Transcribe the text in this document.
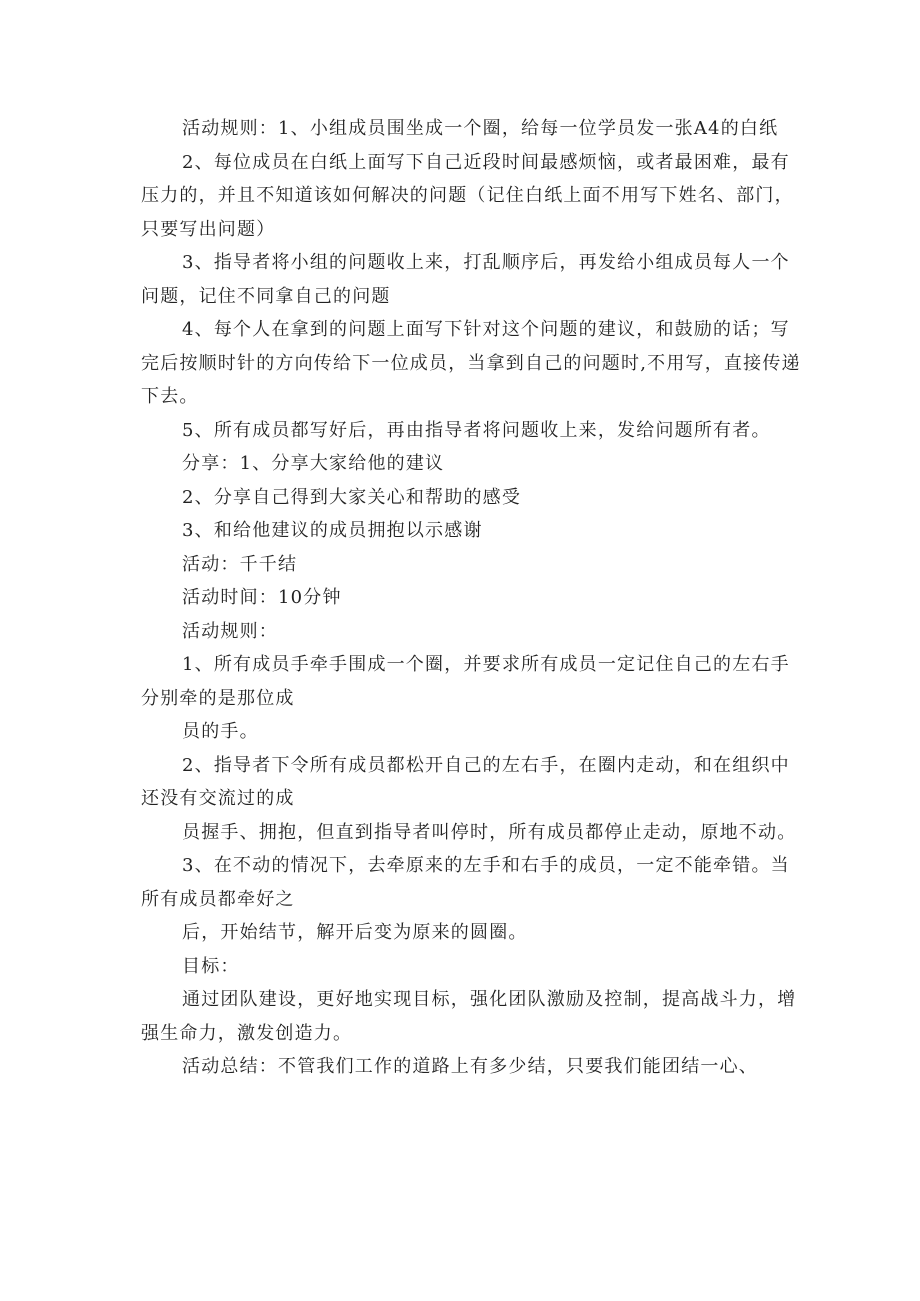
活动规则：1、小组成员围坐成一个圈，给每一位学员发一张A4的白纸

2、每位成员在白纸上面写下自己近段时间最感烦恼，或者最困难，最有压力的，并且不知道该如何解决的问题（记住白纸上面不用写下姓名、部门，只要写出问题）

3、指导者将小组的问题收上来，打乱顺序后，再发给小组成员每人一个问题，记住不同拿自己的问题

4、每个人在拿到的问题上面写下针对这个问题的建议，和鼓励的话；写完后按顺时针的方向传给下一位成员，当拿到自己的问题时,不用写，直接传递下去。

5、所有成员都写好后，再由指导者将问题收上来，发给问题所有者。

分享：1、分享大家给他的建议

2、分享自己得到大家关心和帮助的感受

3、和给他建议的成员拥抱以示感谢

活动：千千结

活动时间：10分钟

活动规则：

1、所有成员手牵手围成一个圈，并要求所有成员一定记住自己的左右手分别牵的是那位成

员的手。

2、指导者下令所有成员都松开自己的左右手，在圈内走动，和在组织中还没有交流过的成

员握手、拥抱，但直到指导者叫停时，所有成员都停止走动，原地不动。

3、在不动的情况下，去牵原来的左手和右手的成员，一定不能牵错。当所有成员都牵好之

后，开始结节，解开后变为原来的圆圈。

目标：

通过团队建设，更好地实现目标，强化团队激励及控制，提高战斗力，增强生命力，激发创造力。

活动总结：不管我们工作的道路上有多少结，只要我们能团结一心、
